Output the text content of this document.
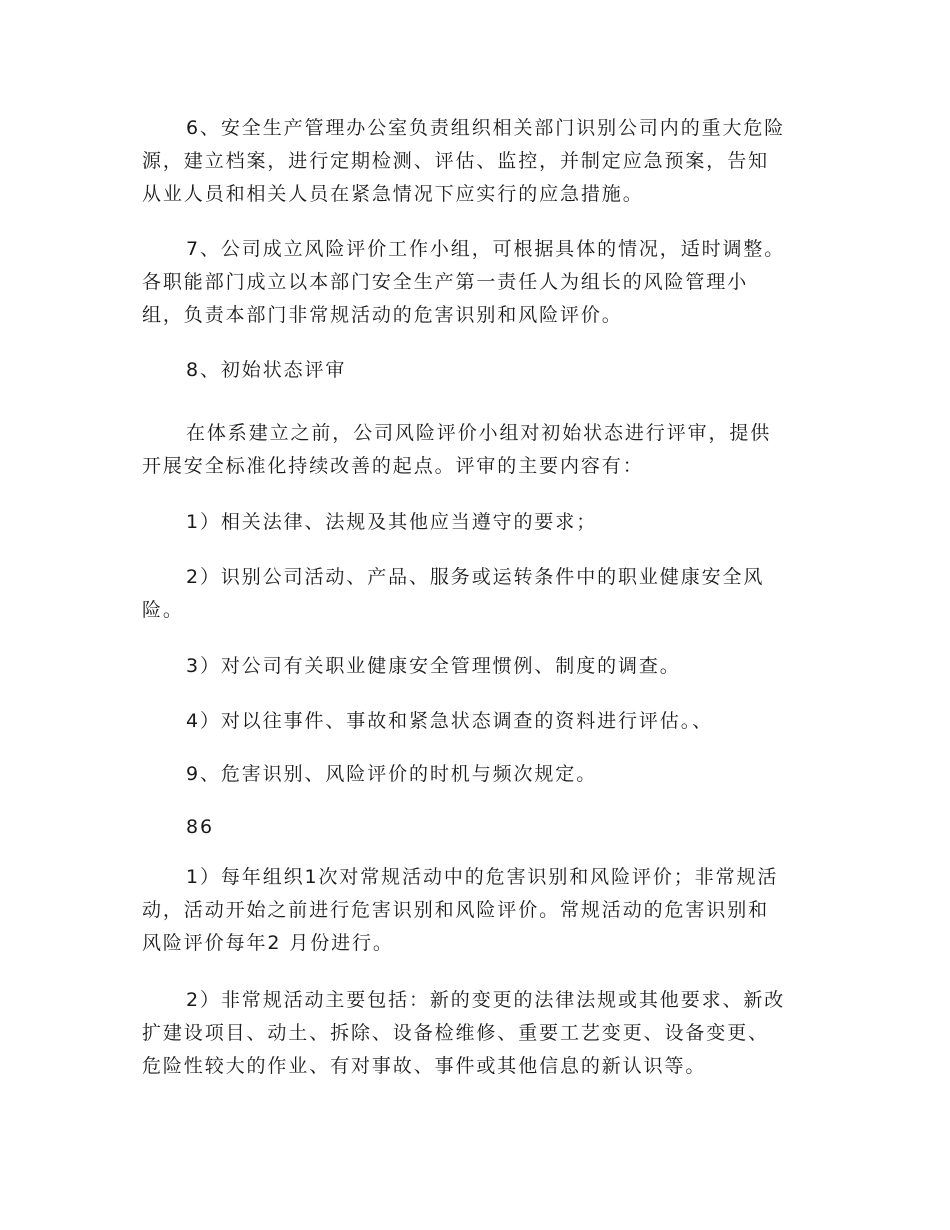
6、安全生产管理办公室负责组织相关部门识别公司内的重大危险
源，建立档案，进行定期检测、评估、监控，并制定应急预案，告知
从业人员和相关人员在紧急情况下应实行的应急措施。

7、公司成立风险评价工作小组，可根据具体的情况，适时调整。
各职能部门成立以本部门安全生产第一责任人为组长的风险管理小
组，负责本部门非常规活动的危害识别和风险评价。

8、初始状态评审

在体系建立之前，公司风险评价小组对初始状态进行评审，提供
开展安全标准化持续改善的起点。评审的主要内容有：

1）相关法律、法规及其他应当遵守的要求；

2）识别公司活动、产品、服务或运转条件中的职业健康安全风
险。

3）对公司有关职业健康安全管理惯例、制度的调查。

4）对以往事件、事故和紧急状态调查的资料进行评估。、

9、危害识别、风险评价的时机与频次规定。

86

1）每年组织1次对常规活动中的危害识别和风险评价；非常规活
动，活动开始之前进行危害识别和风险评价。常规活动的危害识别和
风险评价每年2 月份进行。

2）非常规活动主要包括：新的变更的法律法规或其他要求、新改
扩建设项目、动土、拆除、设备检维修、重要工艺变更、设备变更、
危险性较大的作业、有对事故、事件或其他信息的新认识等。
